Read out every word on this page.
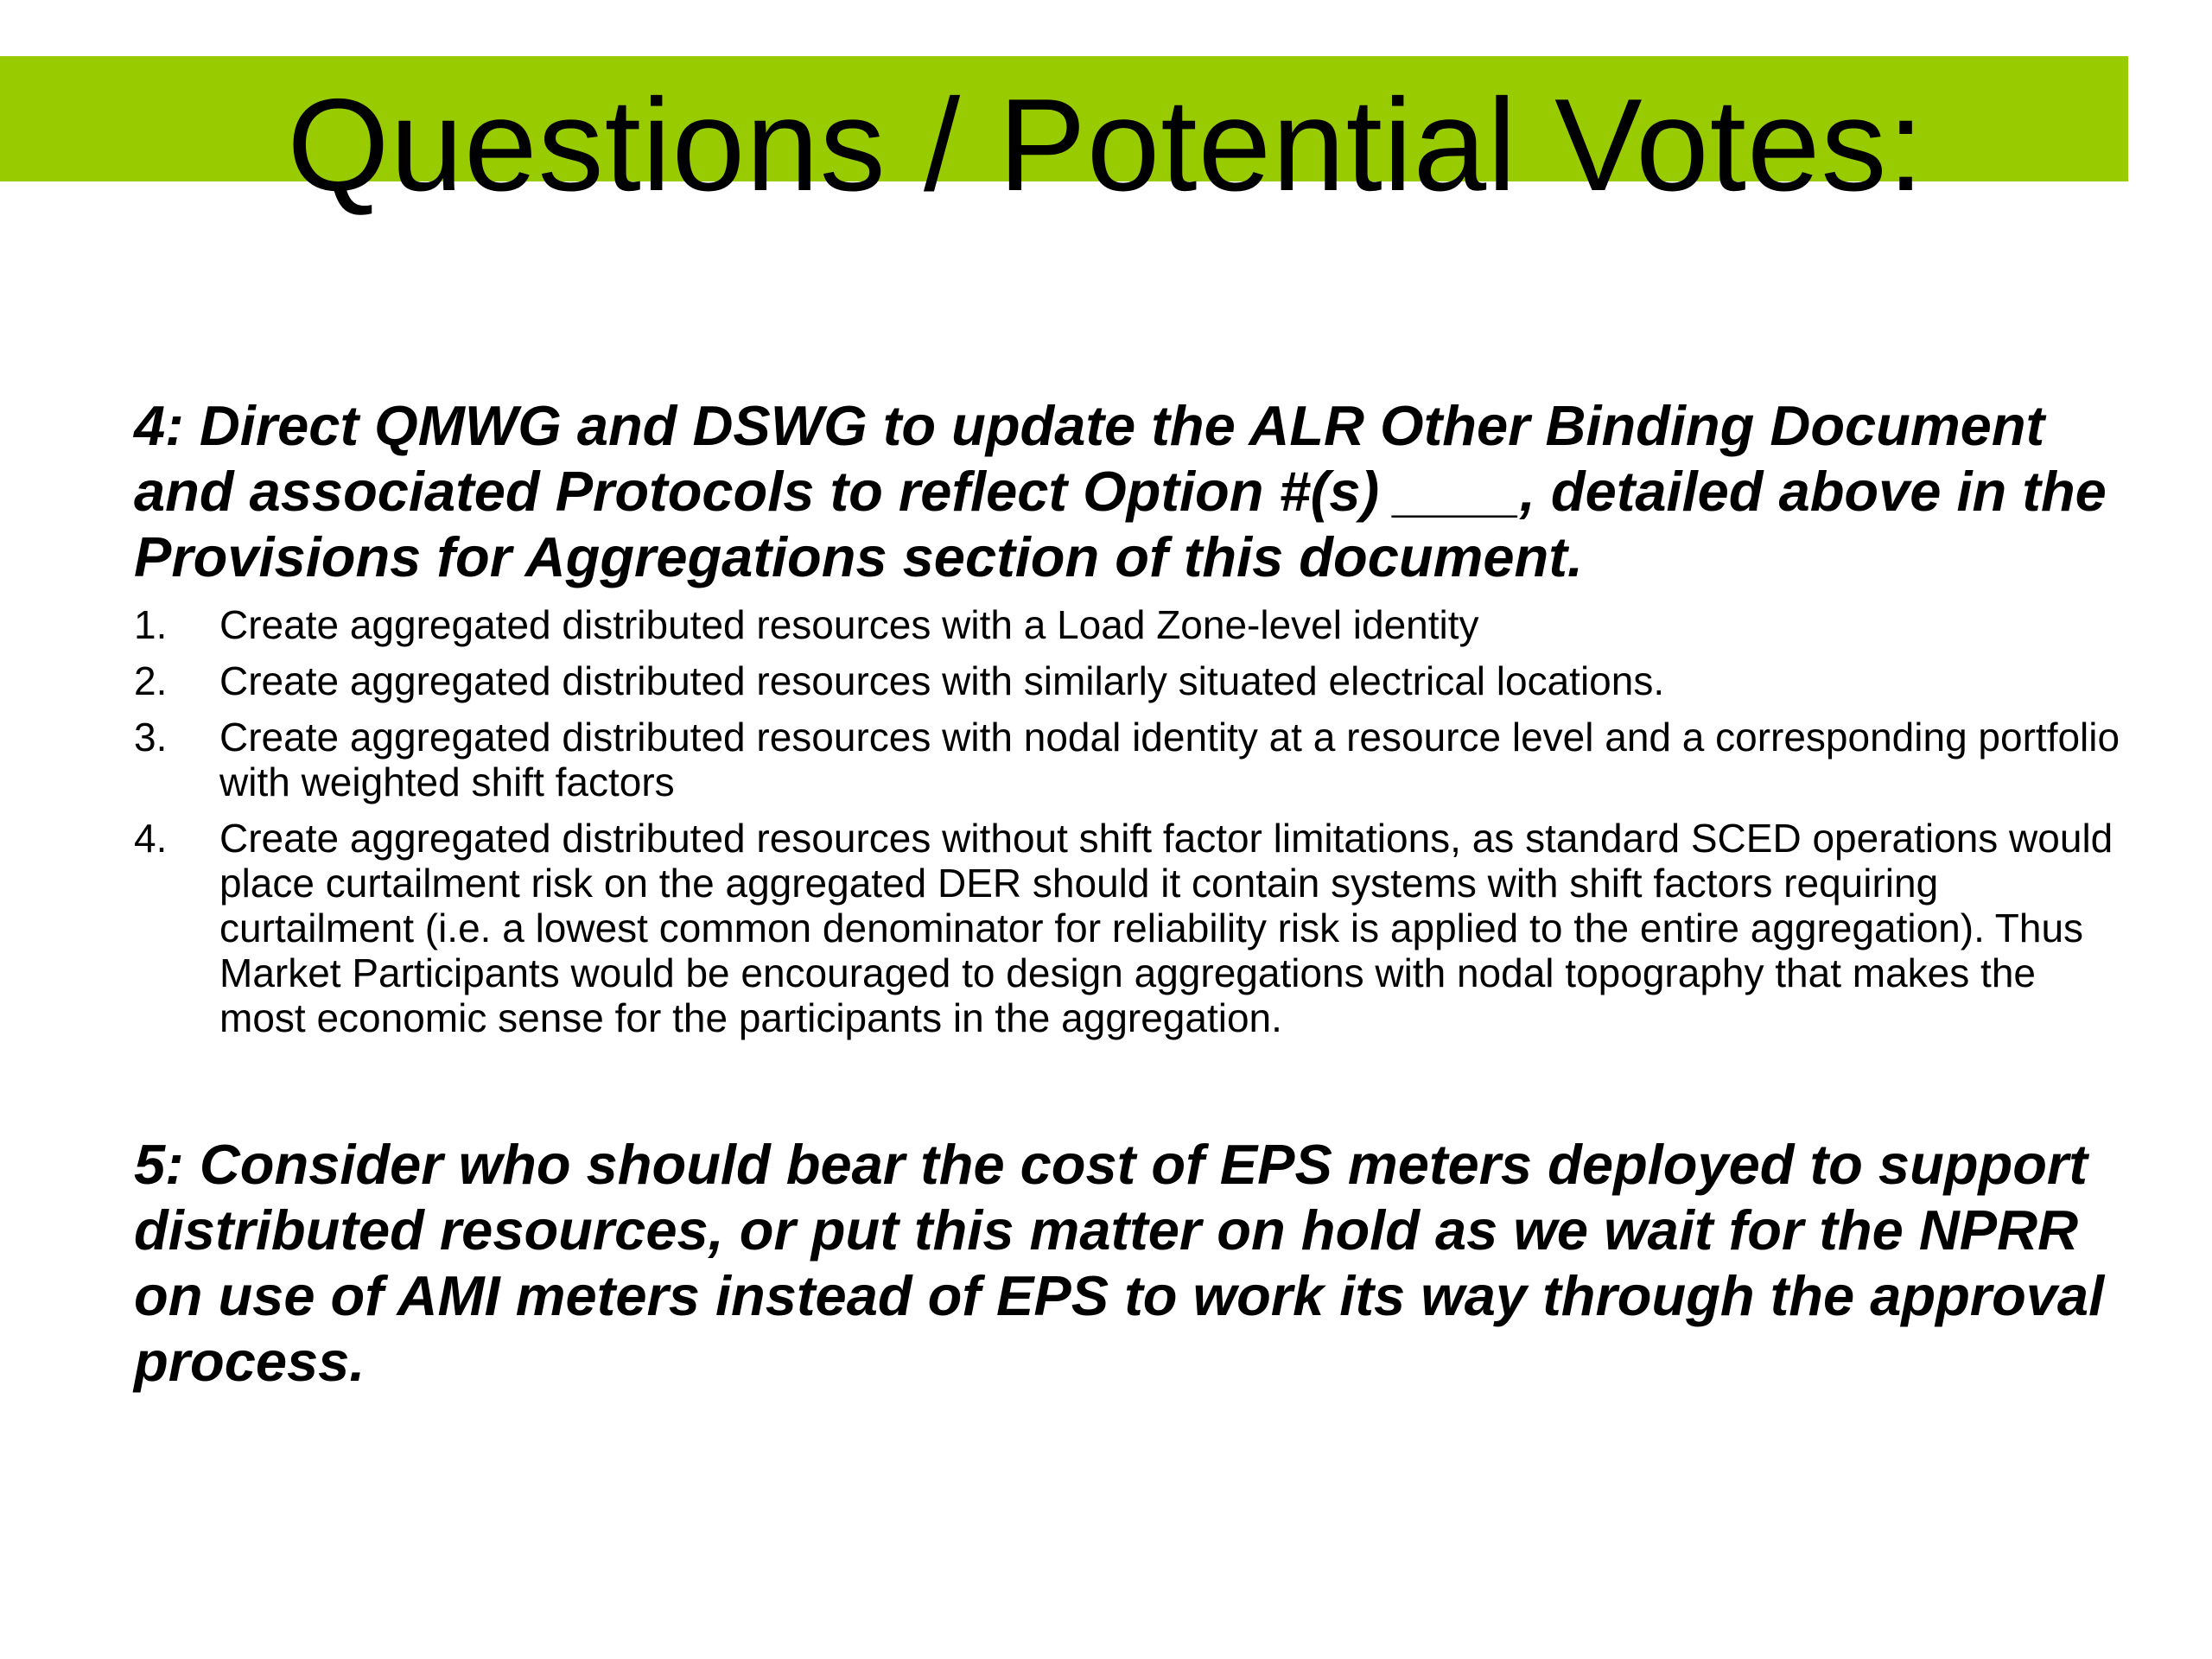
Questions / Potential Votes:

4: Direct QMWG and DSWG to update the ALR Other Binding Document and associated Protocols to reflect Option #(s) ____, detailed above in the Provisions for Aggregations section of this document.

1. Create aggregated distributed resources with a Load Zone-level identity
2. Create aggregated distributed resources with similarly situated electrical locations.
3. Create aggregated distributed resources with nodal identity at a resource level and a corresponding portfolio with weighted shift factors
4. Create aggregated distributed resources without shift factor limitations, as standard SCED operations would place curtailment risk on the aggregated DER should it contain systems with shift factors requiring curtailment (i.e. a lowest common denominator for reliability risk is applied to the entire aggregation). Thus Market Participants would be encouraged to design aggregations with nodal topography that makes the most economic sense for the participants in the aggregation.

5: Consider who should bear the cost of EPS meters deployed to support distributed resources, or put this matter on hold as we wait for the NPRR on use of AMI meters instead of EPS to work its way through the approval process.
